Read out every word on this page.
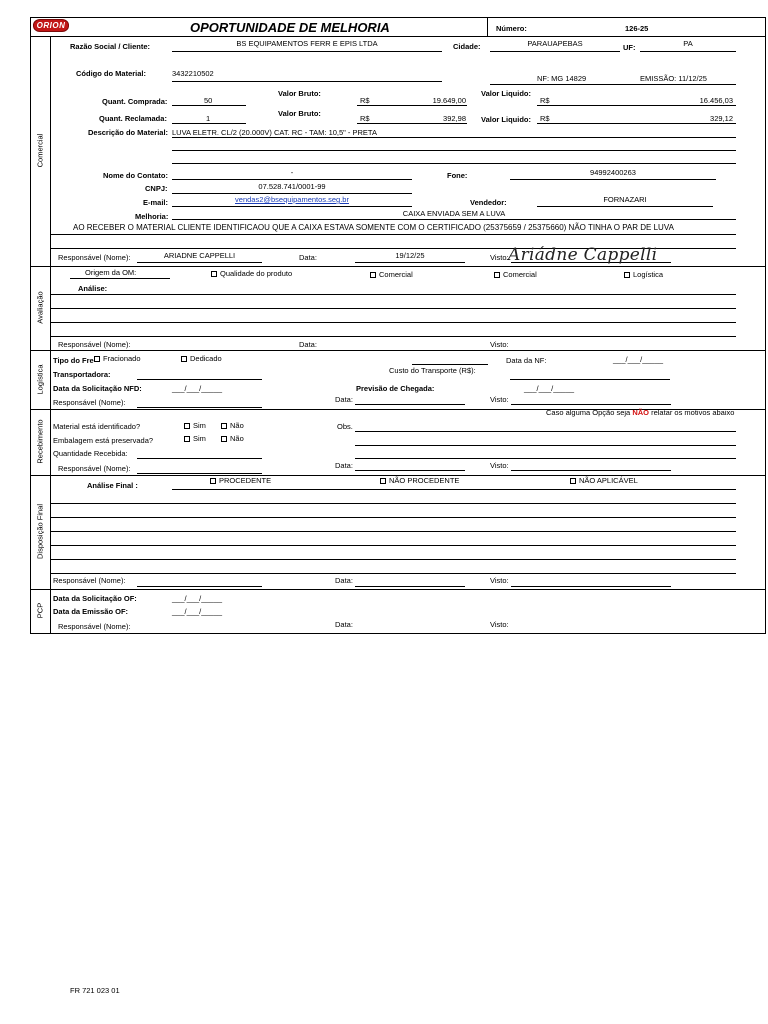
ORION	OPORTUNIDADE DE MELHORIA	Número:	126-25
Comercial
Avaliação
Logística
Recebimento
Disposição Final
PCP
Razão Social / Cliente:	BS EQUIPAMENTOS FERR E EPIS LTDA	Cidade:	PARAUAPEBAS	UF:	PA
Código do Material:	3432210502
NF: MG 14829	EMISSÃO: 11/12/25
Valor Bruto:	Valor Liquido:
Quant. Comprada:	50	R$	19.649,00	R$	16.456,03
Valor Bruto:
Quant. Reclamada:	1	R$	392,98 Valor Liquido: R$	329,12
Descrição do Material: LUVA ELETR. CL/2 (20.000V) CAT. RC - TAM: 10,5" - PRETA
Nome do Contato:	-	Fone:	94992400263
CNPJ:	07.528.741/0001-99
E-mail:	vendas2@bsequipamentos.seg.br	Vendedor:	FORNAZARI
Melhoria:	CAIXA ENVIADA SEM A LUVA
AO RECEBER O MATERIAL CLIENTE IDENTIFICAOU QUE A CAIXA ESTAVA SOMENTE COM O CERTIFICADO (25375659 / 25375660) NÃO TINHA O PAR DE LUVA
Responsável (Nome):	ARIADNE CAPPELLI	Data:	19/12/25	Visto: Ariádne Cappelli
Origem da OM:	Qualidade do produto	Comercial	Comercial	Logística
Análise:
Responsável (Nome):	Data:	Visto:
Tipo do Fre	Fracionado	Dedicado	Data da NF:	___/___/_____
Transportadora:	Custo do Transporte (R$):
Data da Solicitação NFD:	___/___/_____	Previsão de Chegada:	___/___/_____
Responsável (Nome):	Data:	Visto:
Caso alguma Opção seja NÃO relatar os motivos abaixo
Material está identificado?	Sim	Não	Obs.
Embalagem está preservada?	Sim	Não
Quantidade Recebida:
Responsável (Nome):	Data:	Visto:
Análise Final :
PROCEDENTE	NÃO PROCEDENTE	NÃO APLICÁVEL
Responsável (Nome):	Data:	Visto:
Data da Solicitação OF:	___/___/_____
Data da Emissão OF:	___/___/_____
Responsável (Nome):	Data:	Visto:
FR 721 023 01
